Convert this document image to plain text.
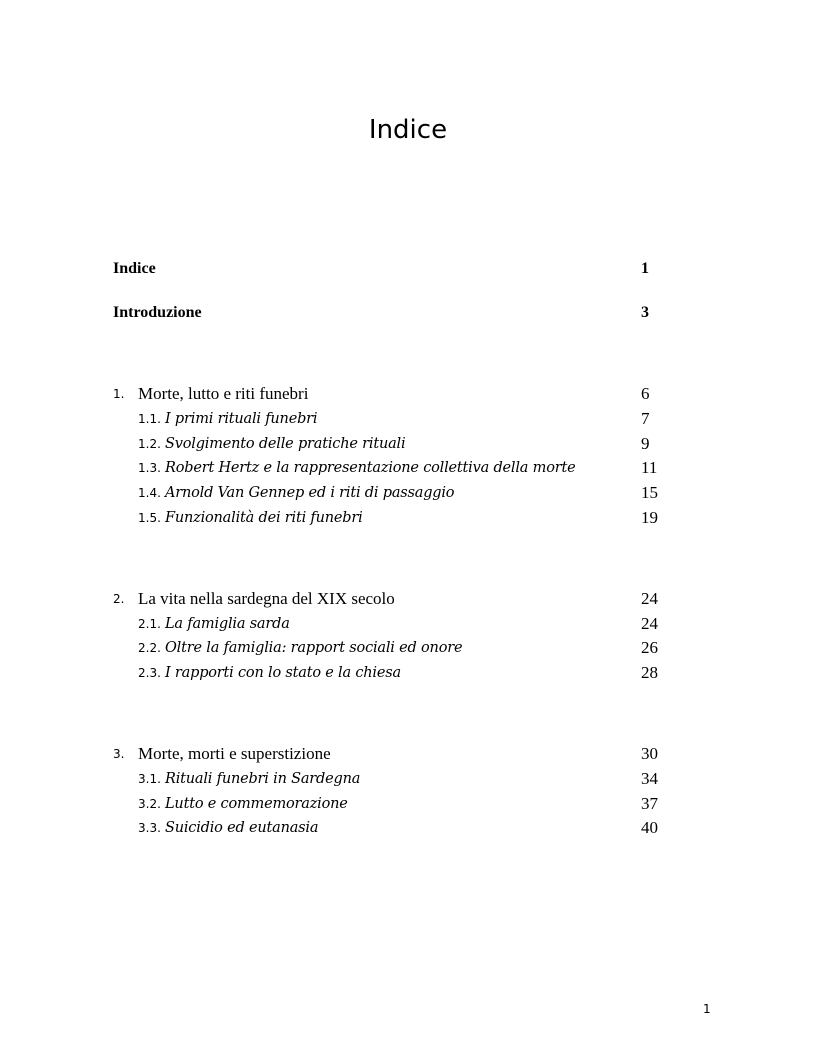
Indice
Indice	1
Introduzione	3
1. Morte, lutto e riti funebri	6
1.1. I primi rituali funebri	7
1.2. Svolgimento delle pratiche rituali	9
1.3. Robert Hertz e la rappresentazione collettiva della morte	11
1.4. Arnold Van Gennep ed i riti di passaggio	15
1.5. Funzionalità dei riti funebri	19
2. La vita nella sardegna del XIX secolo	24
2.1. La famiglia sarda	24
2.2. Oltre la famiglia: rapport sociali ed onore	26
2.3. I rapporti con lo stato e la chiesa	28
3. Morte, morti e superstizione	30
3.1. Rituali funebri in Sardegna	34
3.2. Lutto e commemorazione	37
3.3. Suicidio ed eutanasia	40
1
